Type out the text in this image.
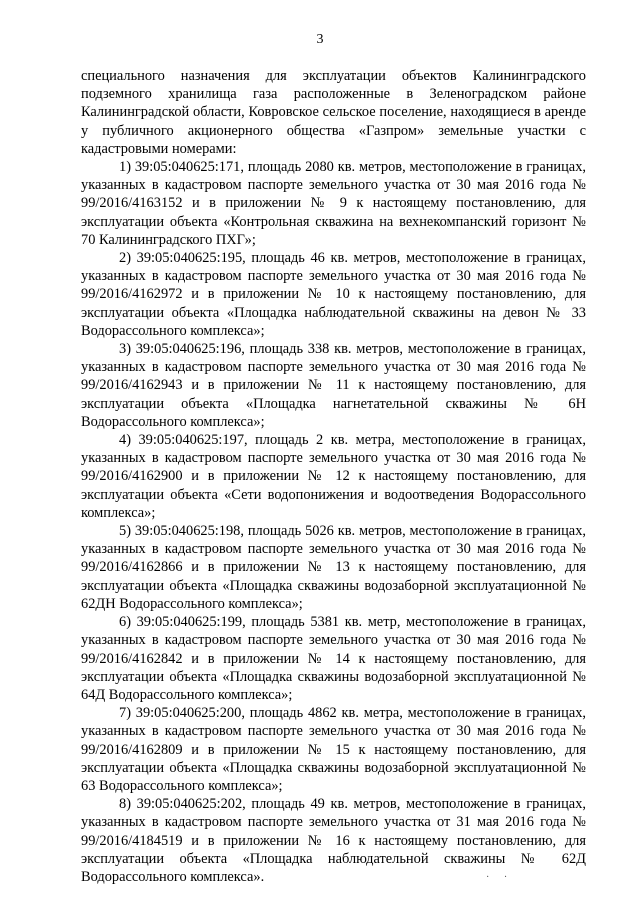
3

специального назначения для эксплуатации объектов Калининградского подземного хранилища газа расположенные в Зеленоградском районе Калининградской области, Ковровское сельское поселение, находящиеся в аренде у публичного акционерного общества «Газпром» земельные участки с кадастровыми номерами:

1) 39:05:040625:171, площадь 2080 кв. метров, местоположение в границах, указанных в кадастровом паспорте земельного участка от 30 мая 2016 года № 99/2016/4163152 и в приложении № 9 к настоящему постановлению, для эксплуатации объекта «Контрольная скважина на вехнекомпанский горизонт № 70 Калининградского ПХГ»;

2) 39:05:040625:195, площадь 46 кв. метров, местоположение в границах, указанных в кадастровом паспорте земельного участка от 30 мая 2016 года № 99/2016/4162972 и в приложении № 10 к настоящему постановлению, для эксплуатации объекта «Площадка наблюдательной скважины на девон № 33 Водорассольного комплекса»;

3) 39:05:040625:196, площадь 338 кв. метров, местоположение в границах, указанных в кадастровом паспорте земельного участка от 30 мая 2016 года № 99/2016/4162943 и в приложении № 11 к настоящему постановлению, для эксплуатации объекта «Площадка нагнетательной скважины № 6Н Водорассольного комплекса»;

4) 39:05:040625:197, площадь 2 кв. метра, местоположение в границах, указанных в кадастровом паспорте земельного участка от 30 мая 2016 года № 99/2016/4162900 и в приложении № 12 к настоящему постановлению, для эксплуатации объекта «Сети водопонижения и водоотведения Водорассольного комплекса»;

5) 39:05:040625:198, площадь 5026 кв. метров, местоположение в границах, указанных в кадастровом паспорте земельного участка от 30 мая 2016 года № 99/2016/4162866 и в приложении № 13 к настоящему постановлению, для эксплуатации объекта «Площадка скважины водозаборной эксплуатационной № 62ДН Водорассольного комплекса»;

6) 39:05:040625:199, площадь 5381 кв. метр, местоположение в границах, указанных в кадастровом паспорте земельного участка от 30 мая 2016 года № 99/2016/4162842 и в приложении № 14 к настоящему постановлению, для эксплуатации объекта «Площадка скважины водозаборной эксплуатационной № 64Д Водорассольного комплекса»;

7) 39:05:040625:200, площадь 4862 кв. метра, местоположение в границах, указанных в кадастровом паспорте земельного участка от 30 мая 2016 года № 99/2016/4162809 и в приложении № 15 к настоящему постановлению, для эксплуатации объекта «Площадка скважины водозаборной эксплуатационной № 63 Водорассольного комплекса»;

8) 39:05:040625:202, площадь 49 кв. метров, местоположение в границах, указанных в кадастровом паспорте земельного участка от 31 мая 2016 года № 99/2016/4184519 и в приложении № 16 к настоящему постановлению, для эксплуатации объекта «Площадка наблюдательной скважины № 62Д Водорассольного комплекса».	· ·
